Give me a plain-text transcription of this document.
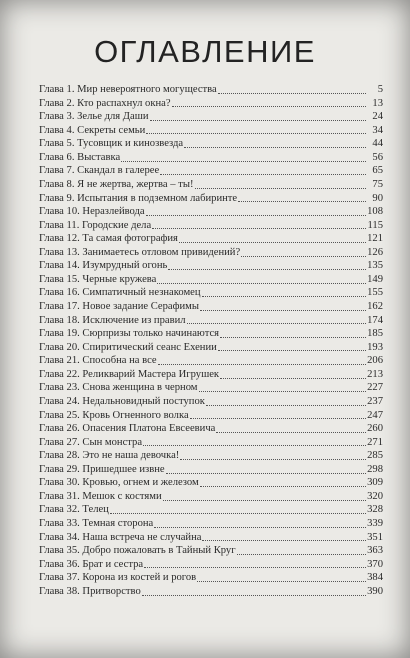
ОГЛАВЛЕНИЕ
Глава 1. Мир невероятного могущества	5
Глава 2. Кто распахнул окна?	13
Глава 3. Зелье для Даши	24
Глава 4. Секреты семьи	34
Глава 5. Тусовщик и кинозвезда	44
Глава 6. Выставка	56
Глава 7. Скандал в галерее	65
Глава 8. Я не жертва, жертва – ты!	75
Глава 9. Испытания в подземном лабиринте	90
Глава 10. Неразлейвода	108
Глава 11. Городские дела	115
Глава 12. Та самая фотография	121
Глава 13. Занимаетесь отловом привидений?	126
Глава 14. Изумрудный огонь	135
Глава 15. Черные кружева	149
Глава 16. Симпатичный незнакомец	155
Глава 17. Новое задание Серафимы	162
Глава 18. Исключение из правил	174
Глава 19. Сюрпризы только начинаются	185
Глава 20. Спиритический сеанс Ехении	193
Глава 21. Способна на все	206
Глава 22. Реликварий Мастера Игрушек	213
Глава 23. Снова женщина в черном	227
Глава 24. Недальновидный поступок	237
Глава 25. Кровь Огненного волка	247
Глава 26. Опасения Платона Евсеевича	260
Глава 27. Сын монстра	271
Глава 28. Это не наша девочка!	285
Глава 29. Пришедшее извне	298
Глава 30. Кровью, огнем и железом	309
Глава 31. Мешок с костями	320
Глава 32. Телец	328
Глава 33. Темная сторона	339
Глава 34. Наша встреча не случайна	351
Глава 35. Добро пожаловать в Тайный Круг	363
Глава 36. Брат и сестра	370
Глава 37. Корона из костей и рогов	384
Глава 38. Притворство	390
